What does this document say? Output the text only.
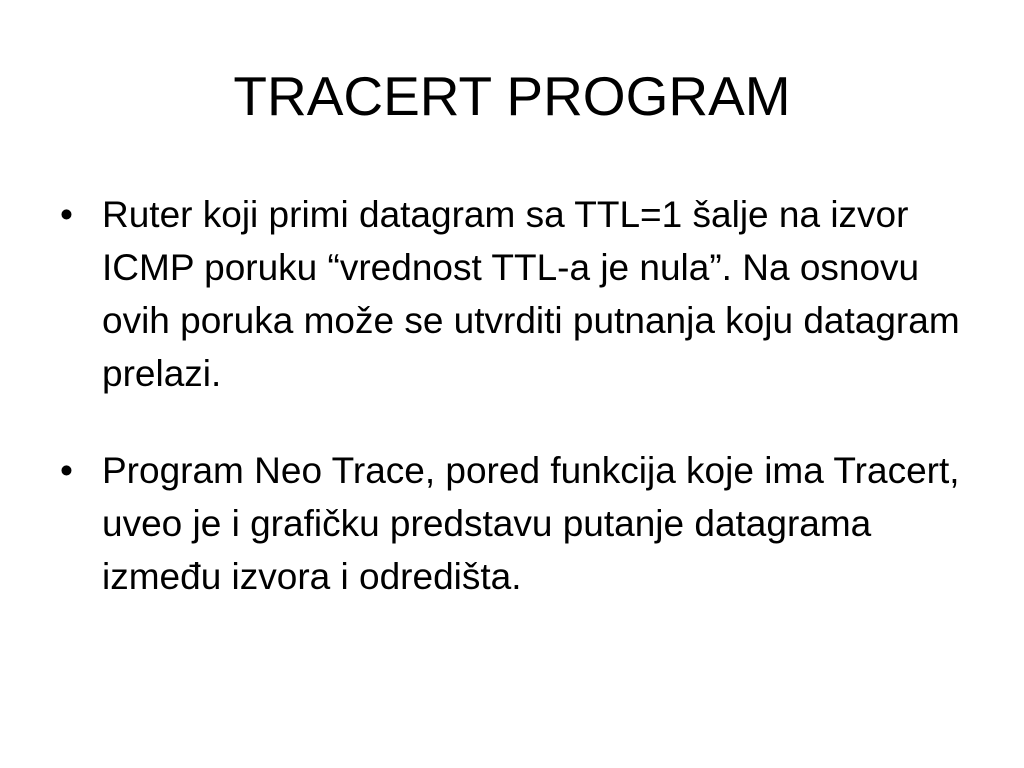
TRACERT PROGRAM
• Ruter koji primi datagram sa TTL=1 šalje na izvor ICMP poruku “vrednost TTL-a je nula”. Na osnovu ovih poruka može se utvrditi putnanja koju datagram prelazi.
• Program Neo Trace, pored funkcija koje ima Tracert, uveo je i grafičku predstavu putanje datagrama između izvora i odredišta.
